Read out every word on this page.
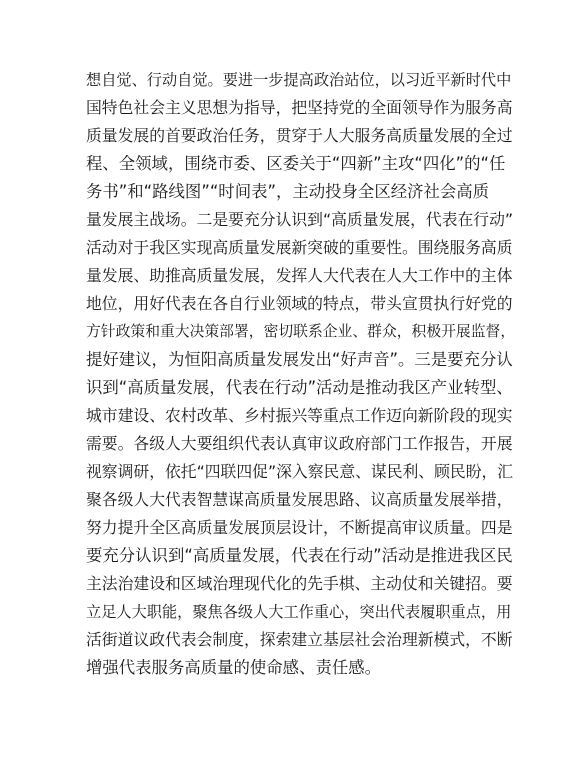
想自觉、行动自觉。要进一步提高政治站位，以习近平新时代中
国特色社会主义思想为指导，把坚持党的全面领导作为服务高
质量发展的首要政治任务，贯穿于人大服务高质量发展的全过
程、全领域，围绕市委、区委关于“四新”主攻“四化”的“任
务书”和“路线图”“时间表”，主动投身全区经济社会高质
量发展主战场。二是要充分认识到“高质量发展，代表在行动”
活动对于我区实现高质量发展新突破的重要性。围绕服务高质
量发展、助推高质量发展，发挥人大代表在人大工作中的主体
地位，用好代表在各自行业领域的特点，带头宣贯执行好党的
方针政策和重大决策部署，密切联系企业、群众，积极开展监督，
提好建议，为恒阳高质量发展发出“好声音”。三是要充分认
识到“高质量发展，代表在行动”活动是推动我区产业转型、
城市建设、农村改革、乡村振兴等重点工作迈向新阶段的现实
需要。各级人大要组织代表认真审议政府部门工作报告，开展
视察调研，依托“四联四促”深入察民意、谋民利、顾民盼，汇
聚各级人大代表智慧谋高质量发展思路、议高质量发展举措，
努力提升全区高质量发展顶层设计，不断提高审议质量。四是
要充分认识到“高质量发展，代表在行动”活动是推进我区民
主法治建设和区域治理现代化的先手棋、主动仗和关键招。要
立足人大职能，聚焦各级人大工作重心，突出代表履职重点，用
活街道议政代表会制度，探索建立基层社会治理新模式，不断
增强代表服务高质量的使命感、责任感。
